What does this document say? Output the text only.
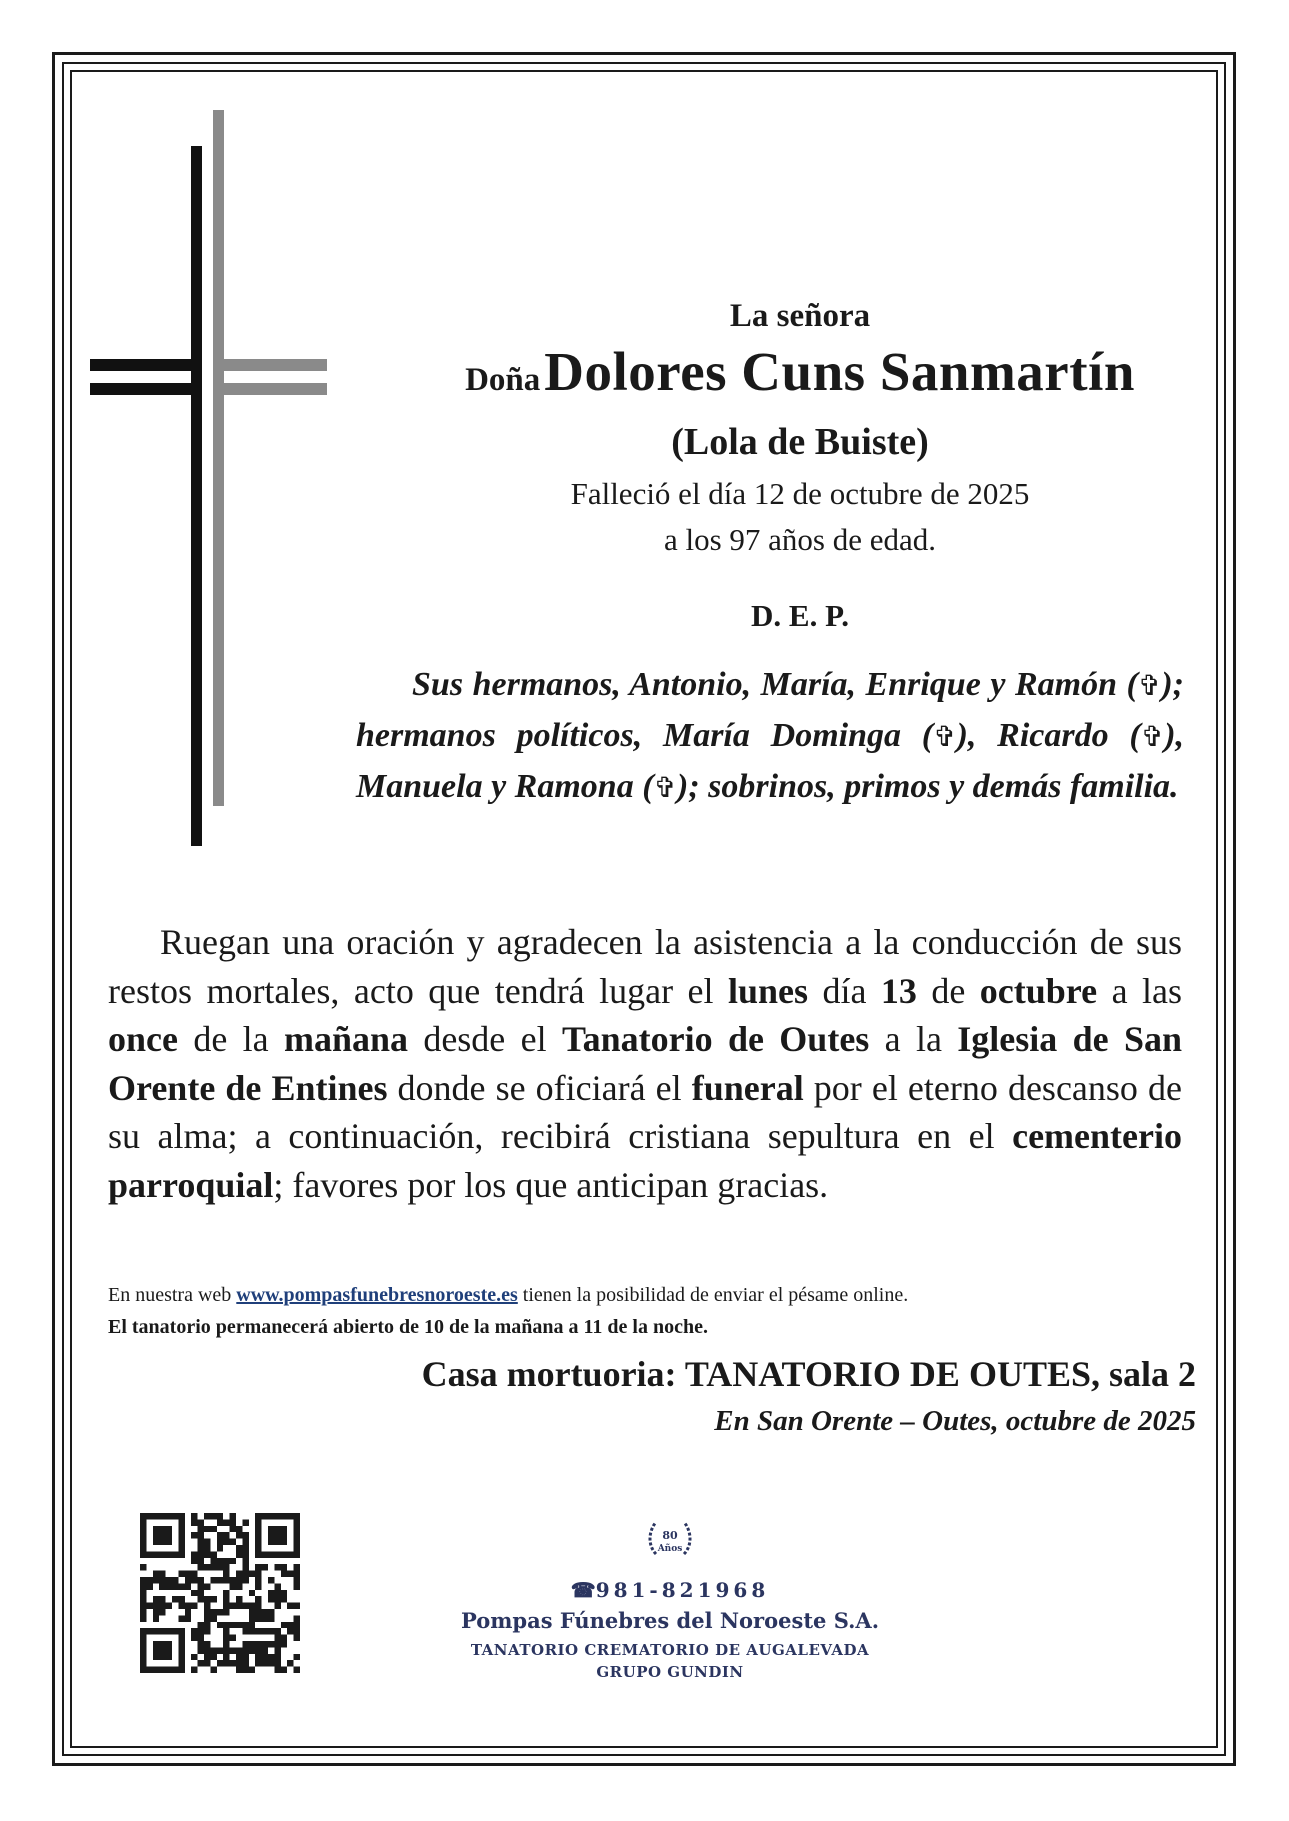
La señora
Doña Dolores Cuns Sanmartín
(Lola de Buiste)
Falleció el día 12 de octubre de 2025
a los 97 años de edad.
D. E. P.

Sus hermanos, Antonio, María, Enrique y Ramón (✞); hermanos políticos, María Dominga (✞), Ricardo (✞), Manuela y Ramona (✞); sobrinos, primos y demás familia.

Ruegan una oración y agradecen la asistencia a la conducción de sus restos mortales, acto que tendrá lugar el lunes día 13 de octubre a las once de la mañana desde el Tanatorio de Outes a la Iglesia de San Orente de Entines donde se oficiará el funeral por el eterno descanso de su alma; a continuación, recibirá cristiana sepultura en el cementerio parroquial; favores por los que anticipan gracias.

En nuestra web www.pompasfunebresnoroeste.es tienen la posibilidad de enviar el pésame online.

El tanatorio permanecerá abierto de 10 de la mañana a 11 de la noche.

Casa mortuoria: TANATORIO DE OUTES, sala 2

En San Orente – Outes, octubre de 2025

80
Años
☎981-821968
Pompas Fúnebres del Noroeste S.A.
TANATORIO CREMATORIO DE AUGALEVADA
GRUPO GUNDIN
